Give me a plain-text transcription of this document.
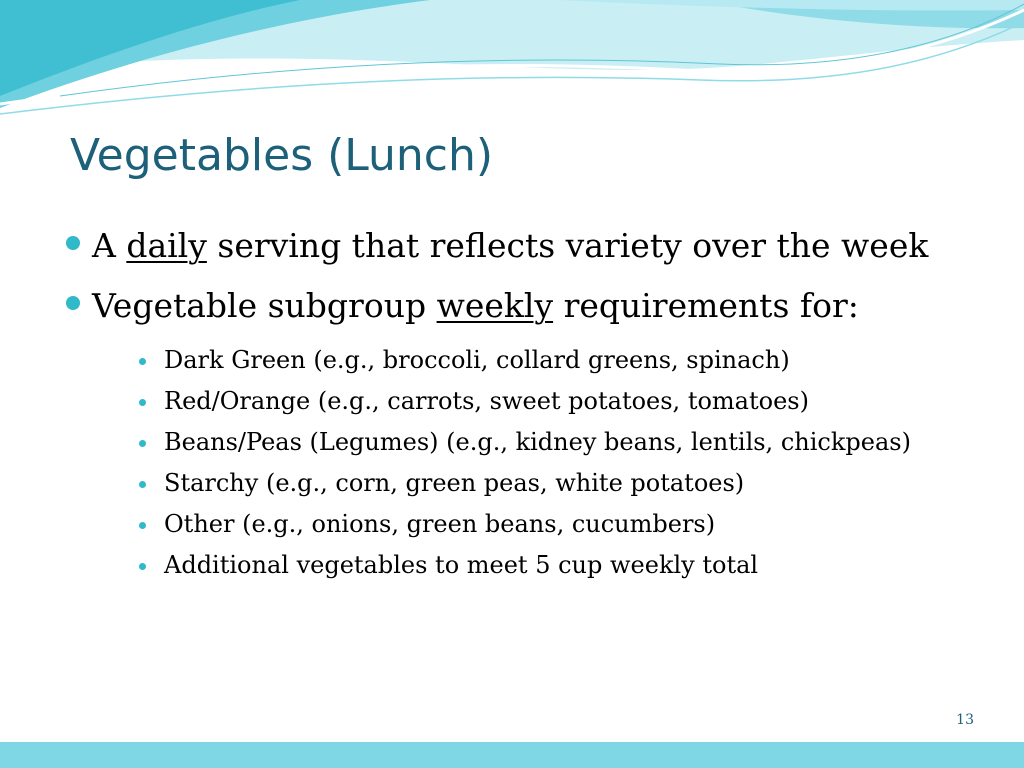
Vegetables (Lunch)
A daily serving that reflects variety over the week
Vegetable subgroup weekly requirements for:
Dark Green (e.g., broccoli, collard greens, spinach)
Red/Orange (e.g., carrots, sweet potatoes, tomatoes)
Beans/Peas (Legumes) (e.g., kidney beans, lentils, chickpeas)
Starchy (e.g., corn, green peas, white potatoes)
Other (e.g., onions, green beans, cucumbers)
Additional vegetables to meet 5 cup weekly total
13
